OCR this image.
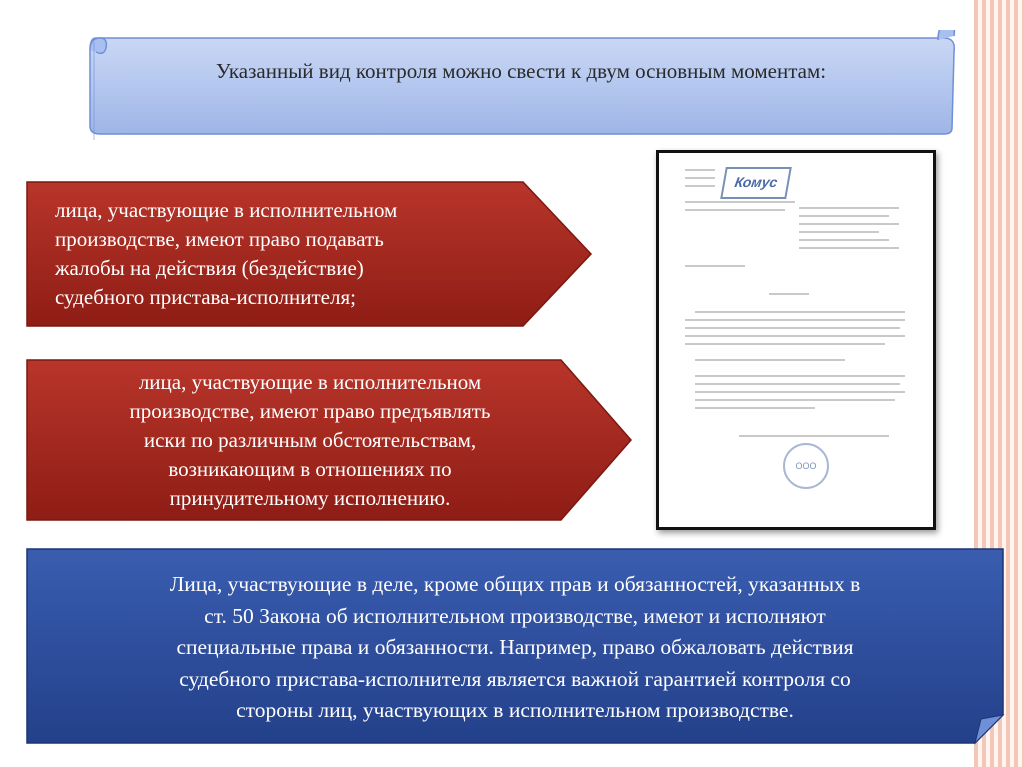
Указанный вид контроля можно свести к двум основным моментам:
лица, участвующие в исполнительном
производстве, имеют право подавать
жалобы на действия (бездействие)
судебного пристава-исполнителя;
лица, участвующие в исполнительном
производстве, имеют право предъявлять
иски по различным обстоятельствам,
возникающим в отношениях по
принудительному исполнению.
Комус
ООО
Лица, участвующие в деле, кроме общих прав и обязанностей, указанных в
ст. 50 Закона об исполнительном производстве, имеют и исполняют
специальные права и обязанности. Например, право обжаловать действия
судебного пристава-исполнителя является важной гарантией контроля со
стороны лиц, участвующих в исполнительном производстве.
